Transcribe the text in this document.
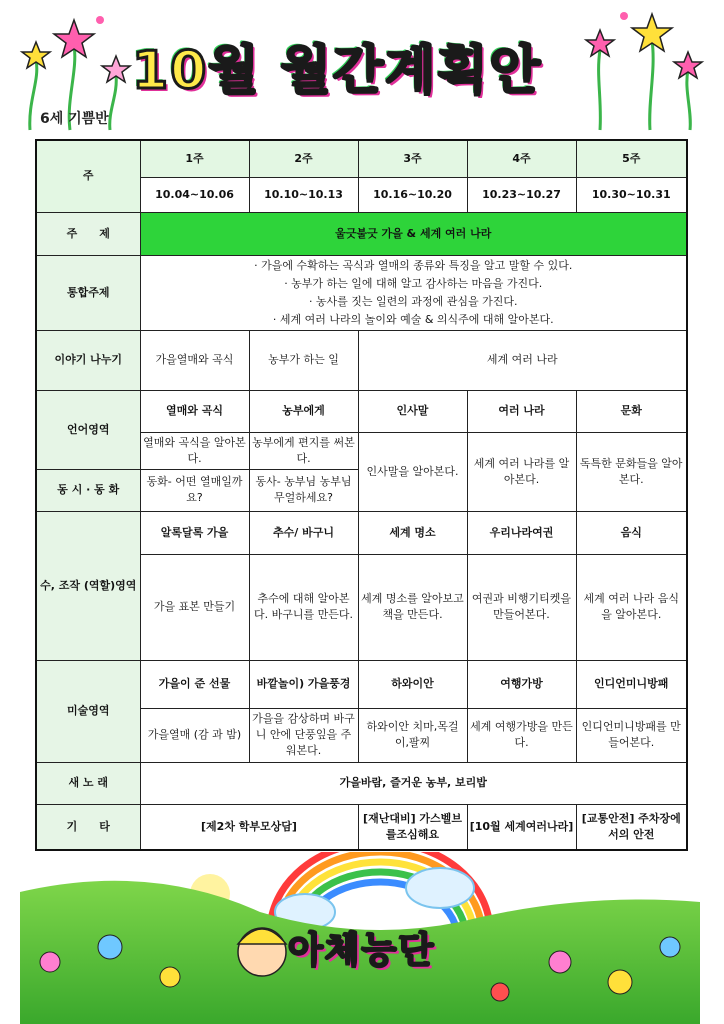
10월 월간계획안
6세 기쁨반
주	1주	2주	3주	4주	5주
	10.04~10.06	10.10~10.13	10.16~10.20	10.23~10.27	10.30~10.31
주　　제	울긋불긋 가을 & 세계 여러 나라				
통합주제	· 가을에 수확하는 곡식과 열매의 종류와 특징을 알고 말할 수 있다.
· 농부가 하는 일에 대해 알고 감사하는 마음을 가진다.
· 농사를 짓는 일련의 과정에 관심을 가진다.
· 세계 여러 나라의 놀이와 예술 & 의식주에 대해 알아본다.				

이야기 나누기	가을열매와 곡식	농부가 하는 일	세계 여러 나라		
언어영역	열매와 곡식	농부에게	인사말	여러 나라	문화
	열매와 곡식을 알아본다.	농부에게 편지를 써본다.	인사말을 알아본다.	세계 여러 나라를 알아본다.	독특한 문화들을 알아본다.
동 시 · 동 화	동화- 어떤 열매일까요?	동사- 농부님 농부님 무얼하세요?			
수, 조작 (역할)영역	알록달록 가을	추수/ 바구니	세계 명소	우리나라여권	음식
	가을 표본 만들기	추수에 대해 알아본다. 바구니를 만든다.	세계 명소를 알아보고 책을 만든다.	여권과 비행기티켓을 만들어본다.	세계 여러 나라 음식을 알아본다.
미술영역	가을이 준 선물	바깥놀이) 가을풍경	하와이안	여행가방	인디언미니방패
	가을열매 (감 과 밤)	가을을 감상하며 바구니 안에 단풍잎을 주워본다.	하와이안 치마,목걸이,팔찌	세계 여행가방을 만든다.	인디언미니방패를 만들어본다.
새 노 래	가을바람, 즐거운 농부, 보리밥				
기　　타	[제2차 학부모상담]		[재난대비] 가스벨브를조심해요	[10월 세계여러나라]	[교통안전] 주차장에서의 안전
아체능단
